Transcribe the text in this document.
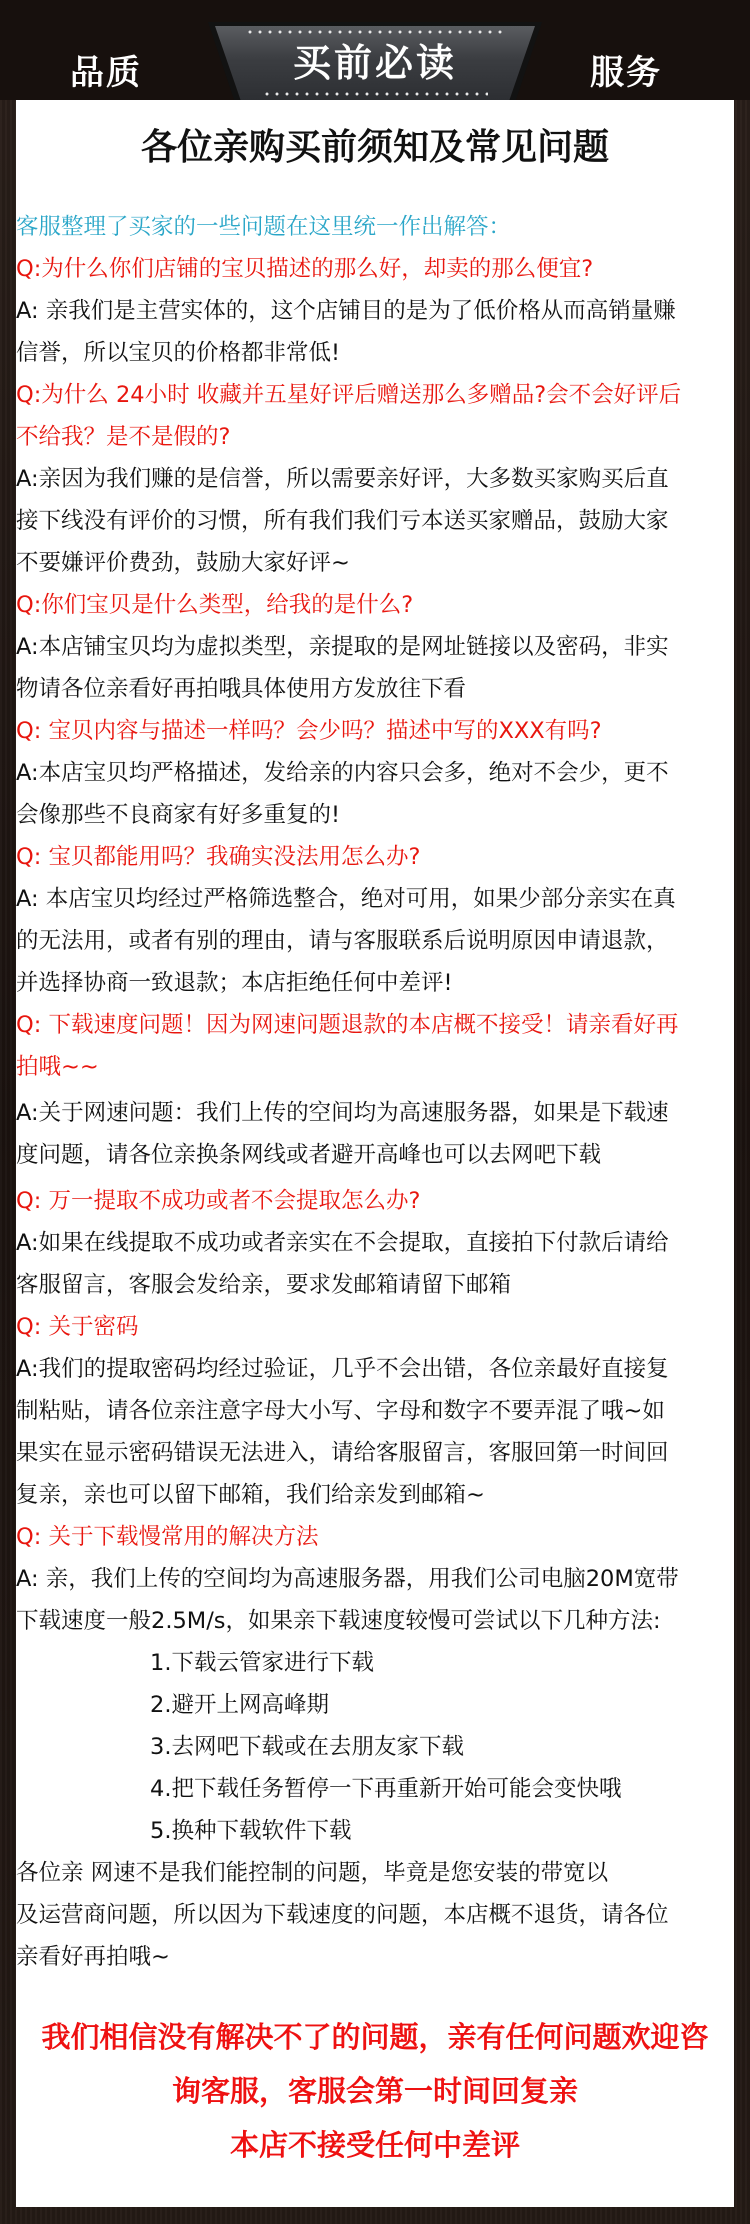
品质	买前必读	服务
各位亲购买前须知及常见问题
客服整理了买家的一些问题在这里统一作出解答：
Q:为什么你们店铺的宝贝描述的那么好，却卖的那么便宜?
A: 亲我们是主营实体的，这个店铺目的是为了低价格从而高销量赚
信誉，所以宝贝的价格都非常低!
Q:为什么 24小时 收藏并五星好评后赠送那么多赠品?会不会好评后
不给我？是不是假的?
A:亲因为我们赚的是信誉，所以需要亲好评，大多数买家购买后直
接下线没有评价的习惯，所有我们我们亏本送买家赠品，鼓励大家
不要嫌评价费劲，鼓励大家好评~
Q:你们宝贝是什么类型，给我的是什么?
A:本店铺宝贝均为虚拟类型，亲提取的是网址链接以及密码，非实
物请各位亲看好再拍哦具体使用方发放往下看
Q: 宝贝内容与描述一样吗？会少吗？描述中写的XXX有吗?
A:本店宝贝均严格描述，发给亲的内容只会多，绝对不会少，更不
会像那些不良商家有好多重复的!
Q: 宝贝都能用吗？我确实没法用怎么办?
A: 本店宝贝均经过严格筛选整合，绝对可用，如果少部分亲实在真
的无法用，或者有别的理由，请与客服联系后说明原因申请退款，
并选择协商一致退款；本店拒绝任何中差评!
Q: 下载速度问题！因为网速问题退款的本店概不接受！请亲看好再
拍哦~~
A:关于网速问题：我们上传的空间均为高速服务器，如果是下载速
度问题，请各位亲换条网线或者避开高峰也可以去网吧下载
Q: 万一提取不成功或者不会提取怎么办?
A:如果在线提取不成功或者亲实在不会提取，直接拍下付款后请给
客服留言，客服会发给亲，要求发邮箱请留下邮箱
Q: 关于密码
A:我们的提取密码均经过验证，几乎不会出错，各位亲最好直接复
制粘贴，请各位亲注意字母大小写、字母和数字不要弄混了哦~如
果实在显示密码错误无法进入，请给客服留言，客服回第一时间回
复亲，亲也可以留下邮箱，我们给亲发到邮箱~
Q: 关于下载慢常用的解决方法
A: 亲，我们上传的空间均为高速服务器，用我们公司电脑20M宽带
下载速度一般2.5M/s，如果亲下载速度较慢可尝试以下几种方法:
1.下载云管家进行下载
2.避开上网高峰期
3.去网吧下载或在去朋友家下载
4.把下载任务暂停一下再重新开始可能会变快哦
5.换种下载软件下载
各位亲 网速不是我们能控制的问题，毕竟是您安装的带宽以
及运营商问题，所以因为下载速度的问题，本店概不退货，请各位
亲看好再拍哦~
我们相信没有解决不了的问题，亲有任何问题欢迎咨
询客服，客服会第一时间回复亲
本店不接受任何中差评
